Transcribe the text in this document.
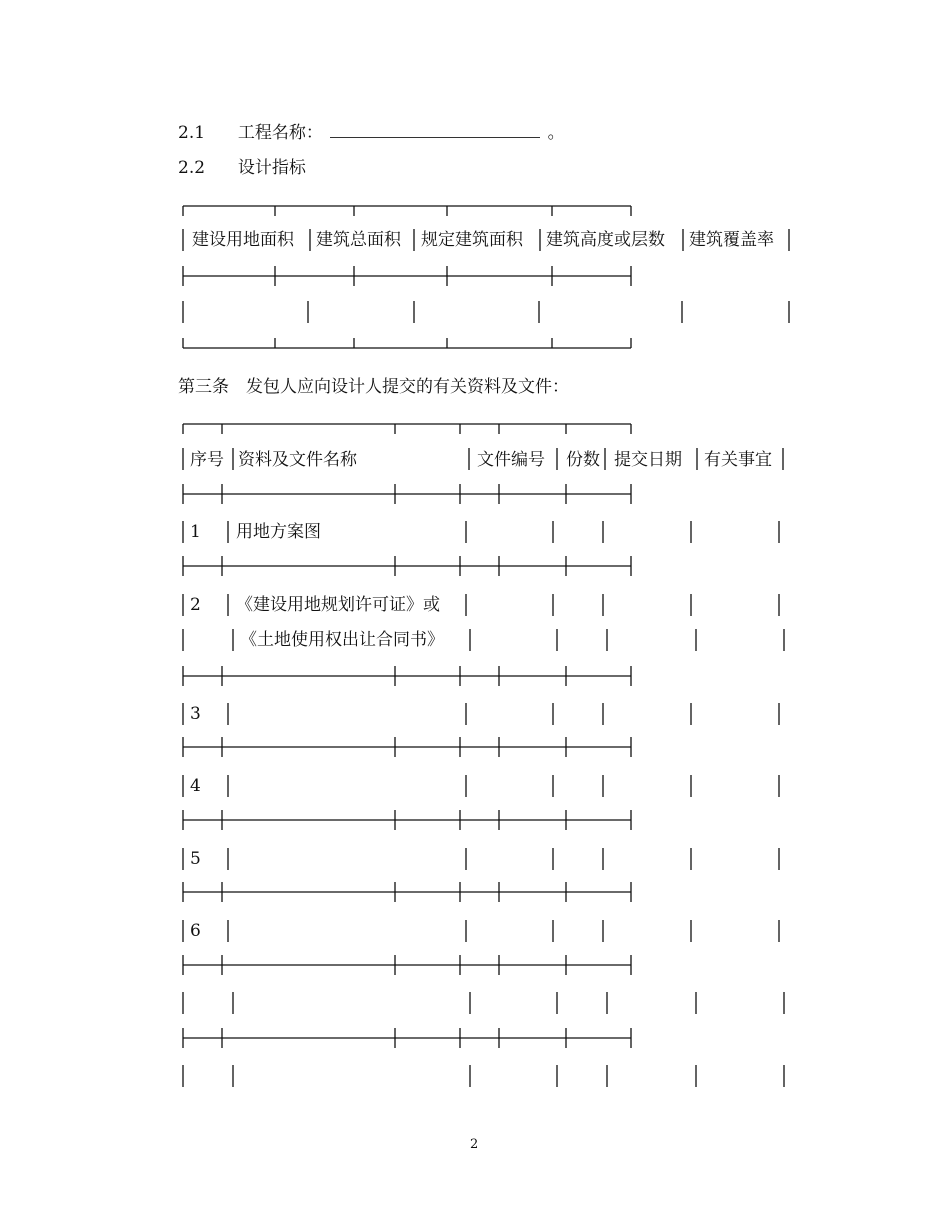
2.1 工程名称：	。
2.2 设计指标
建设用地面积 建筑总面积 规定建筑面积 建筑高度或层数 建筑覆盖率
第三条　发包人应向设计人提交的有关资料及文件：
序号 资料及文件名称	文件编号 份数 提交日期 有关事宜
1 用地方案图
2 《建设用地规划许可证》或
《土地使用权出让合同书》
3
4
5
6
2
